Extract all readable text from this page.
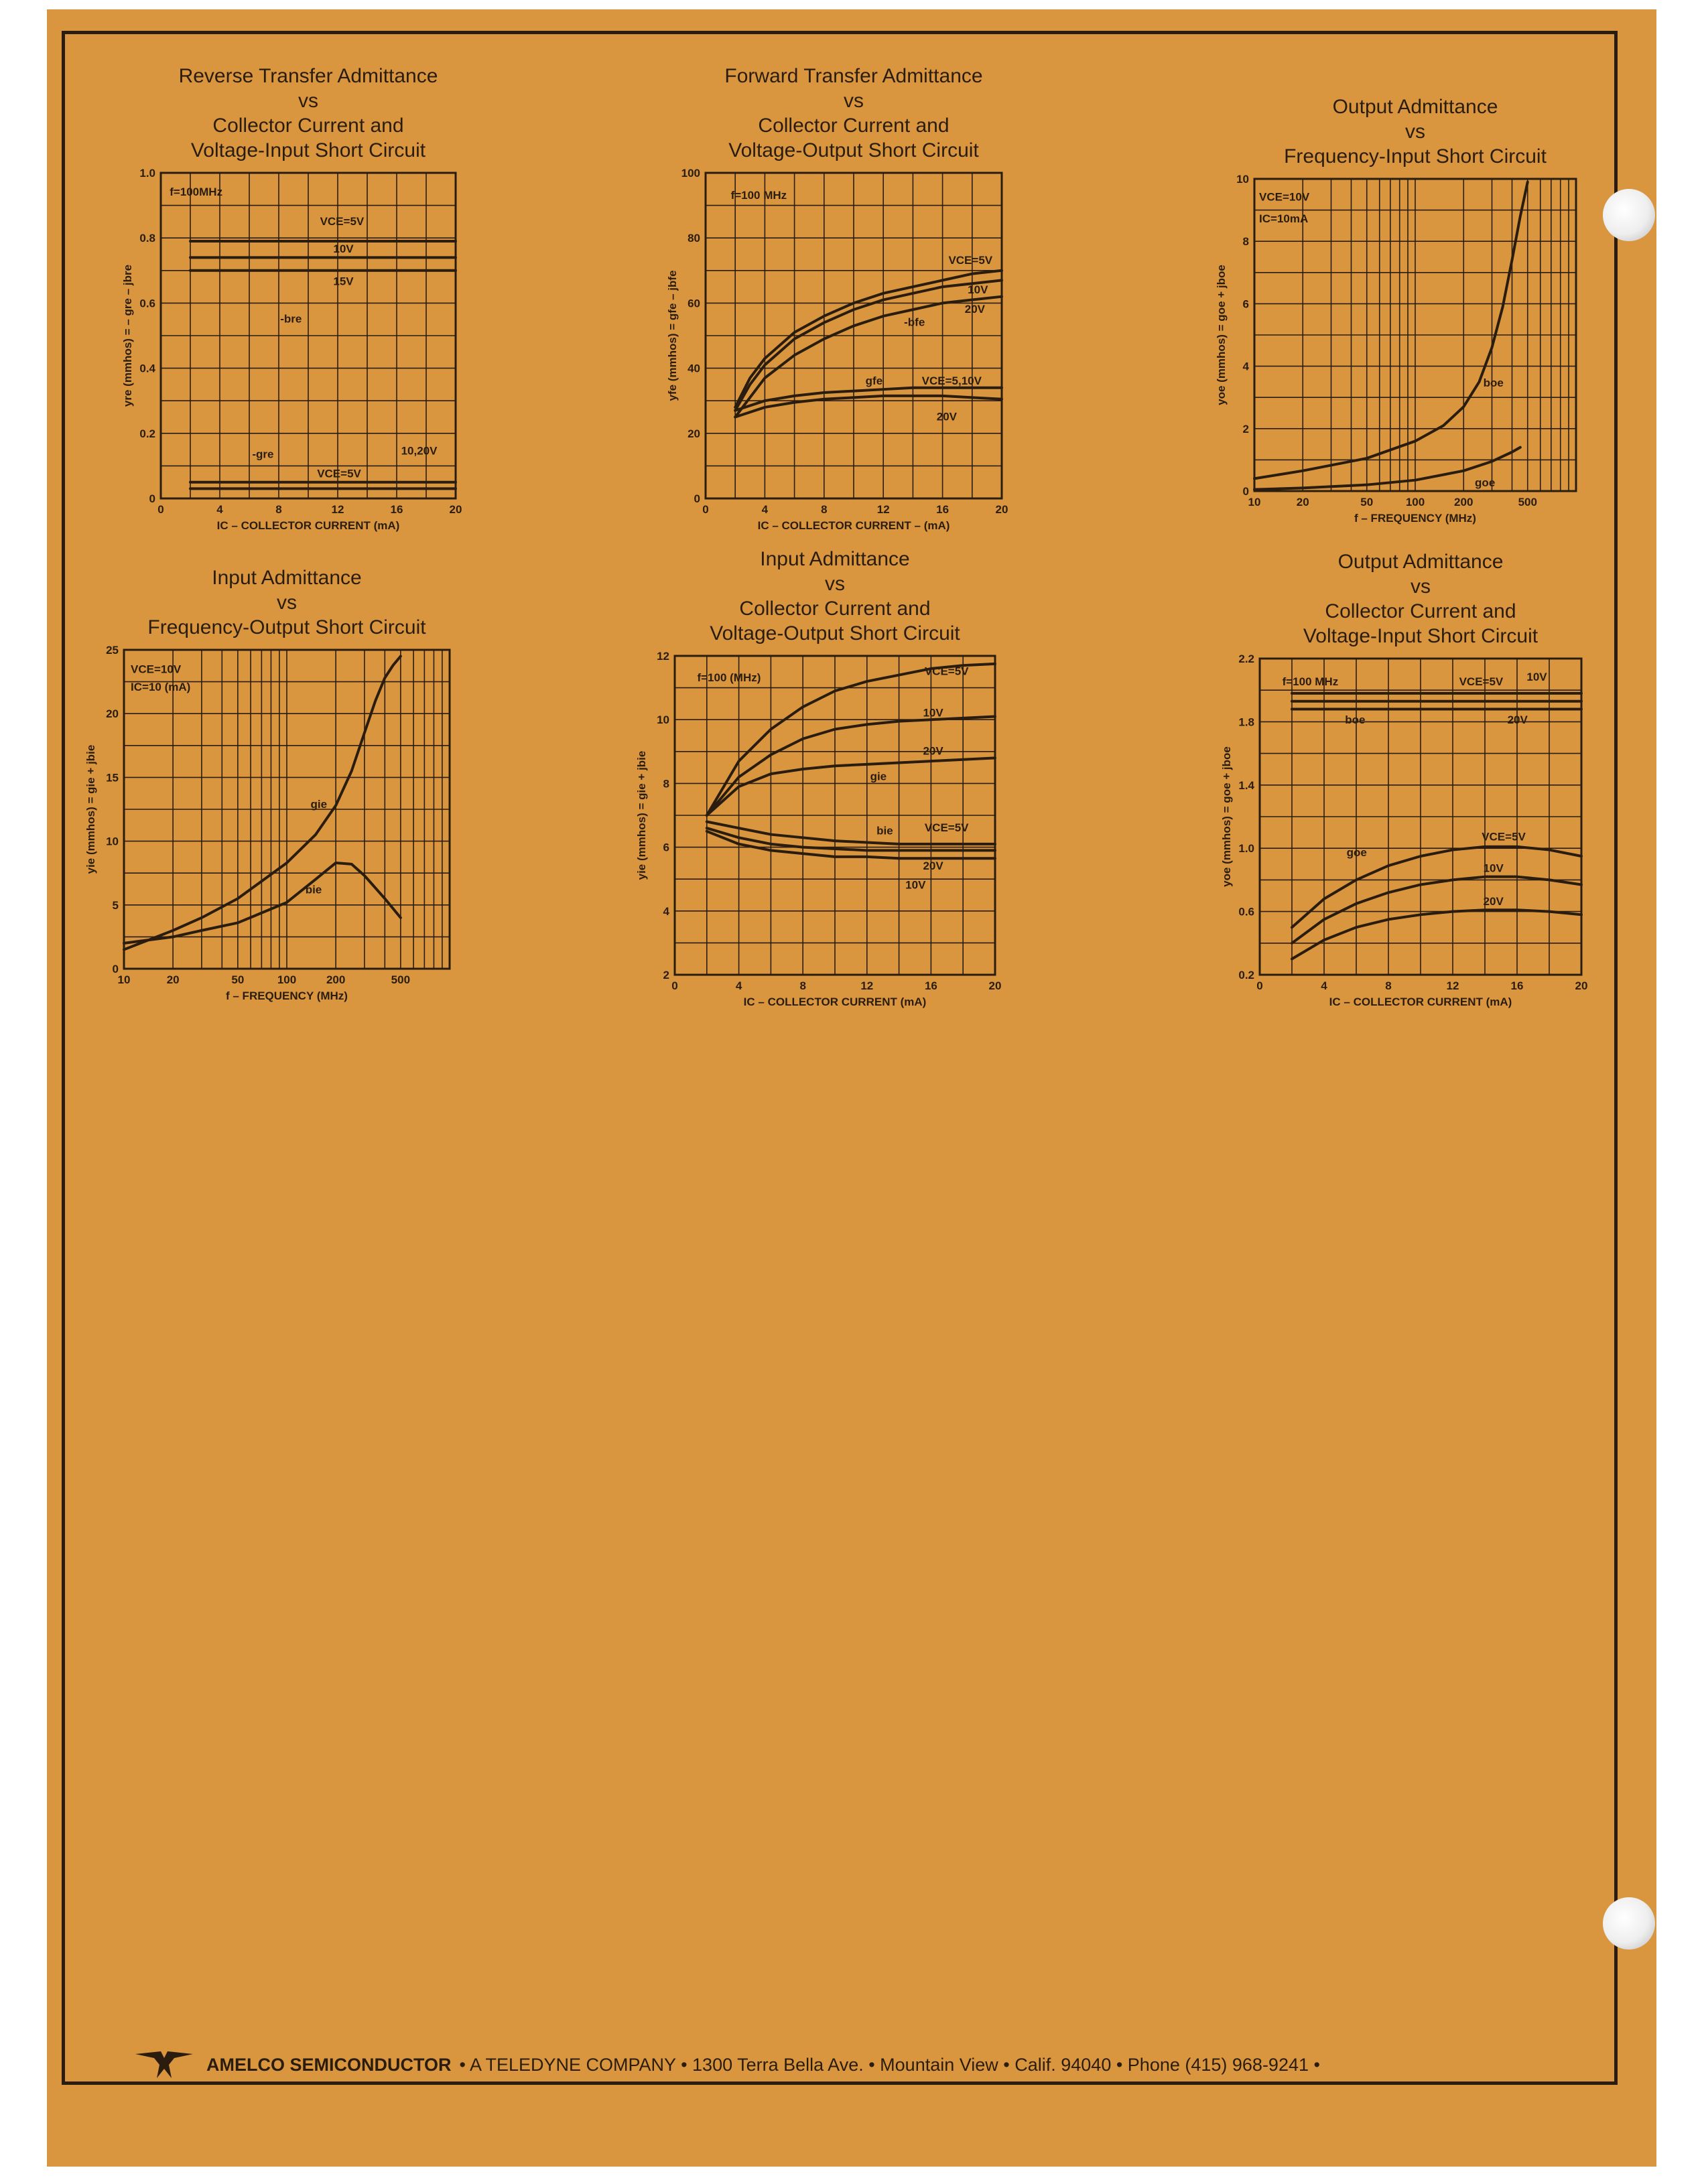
Reverse Transfer Admittance
vs
Collector Current and
Voltage-Input Short Circuit
0	4	8	12	16	20
0
0.2
0.4
0.6
0.8
1.0
IC – COLLECTOR CURRENT (mA)
yre (mmhos) = – gre – jbre
f=100MHz
VCE=5V
10V
15V
-bre
-gre
VCE=5V
10,20V
Forward Transfer Admittance
vs
Collector Current and
Voltage-Output Short Circuit
0	4	8	12	16	20
0
20
40
60
80
100
IC – COLLECTOR CURRENT – (mA)
yfe (mmhos) = gfe – jbfe
f=100 MHz
VCE=5V
10V
20V
-bfe
gfe	VCE=5,10V
20V
Output Admittance
vs
Frequency-Input Short Circuit
10	20	50	100	200	500
0
2
4
6
8
10
f – FREQUENCY (MHz)
yoe (mmhos) = goe + jboe
VCE=10V
IC=10mA
boe
goe
Input Admittance
vs
Frequency-Output Short Circuit
10	20	50	100	200	500
0
5
10
15
20
25
f – FREQUENCY (MHz)
yie (mmhos) = gie + jbie
VCE=10V
IC=10 (mA)
gie
bie
Input Admittance
vs
Collector Current and
Voltage-Output Short Circuit
0	4	8	12	16	20
2
4
6
8
10
12
IC – COLLECTOR CURRENT (mA)
yie (mmhos) = gie + jbie
f=100 (MHz)
VCE=5V
10V
20V
gie
bie	VCE=5V
20V
10V
Output Admittance
vs
Collector Current and
Voltage-Input Short Circuit
0	4	8	12	16	20
0.2
0.6
1.0
1.4
1.8
2.2
IC – COLLECTOR CURRENT (mA)
yoe (mmhos) = goe + jboe
f=100 MHz	VCE=5V 10V
20V
boe
goe
VCE=5V
10V
20V
AMELCO SEMICONDUCTOR • A TELEDYNE COMPANY • 1300 Terra Bella Ave. • Mountain View • Calif. 94040 • Phone (415) 968-9241 •
